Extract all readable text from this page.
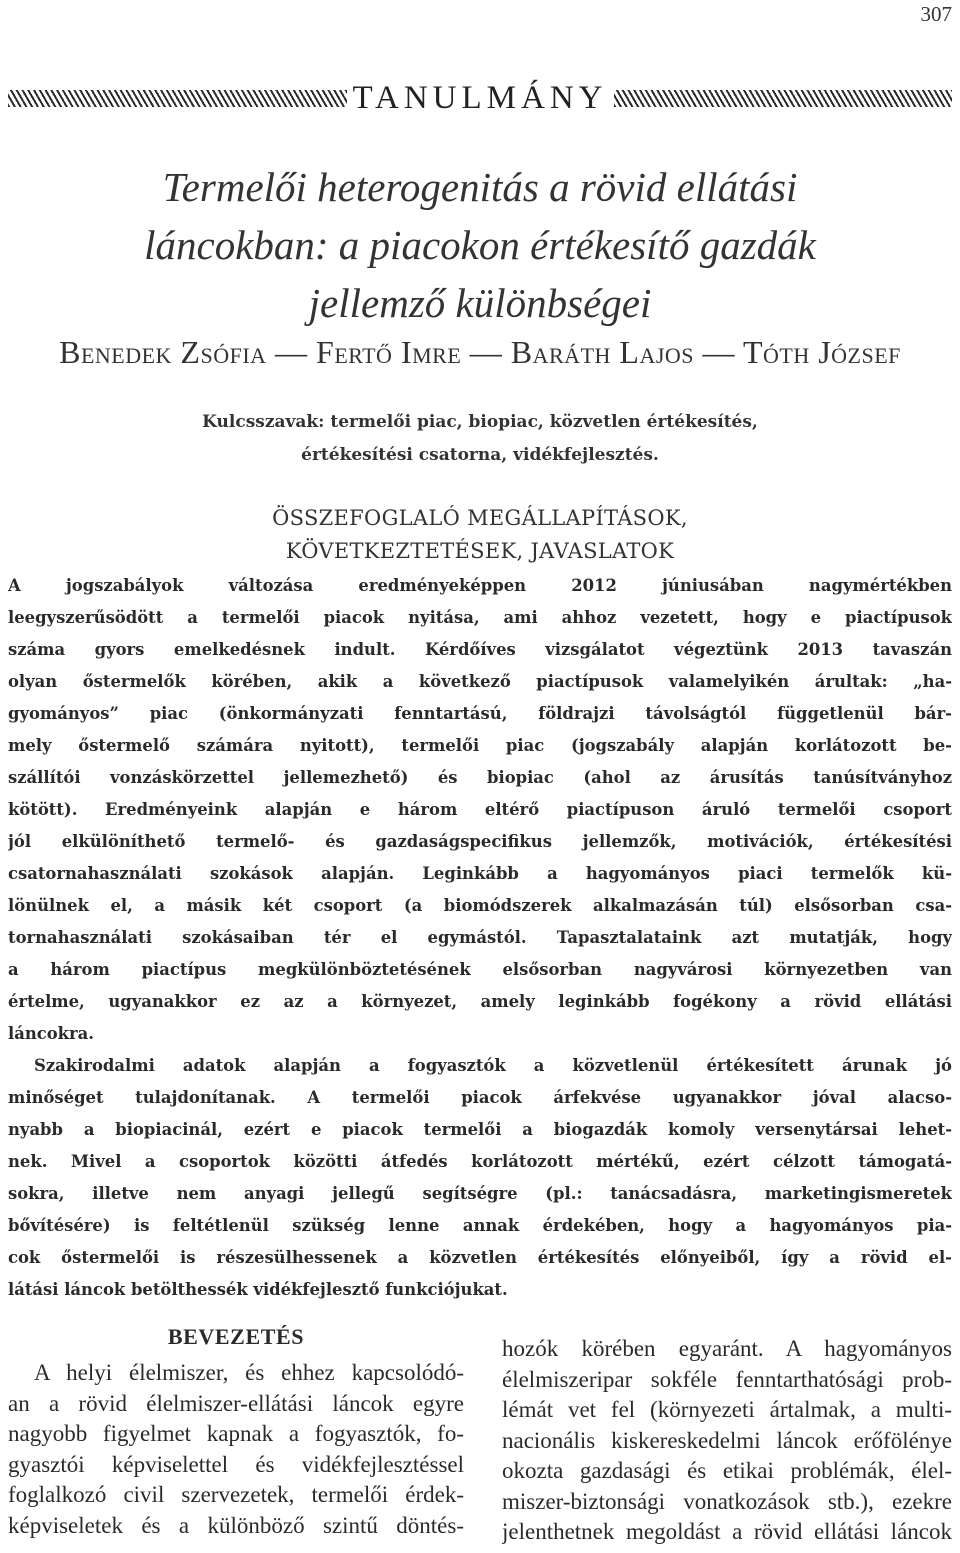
307
TANULMÁNY
Termelői heterogenitás a rövid ellátási
láncokban: a piacokon értékesítő gazdák
jellemző különbségei
Benedek Zsófia — Fertő Imre — Baráth Lajos — Tóth József
Kulcsszavak: termelői piac, biopiac, közvetlen értékesítés,
értékesítési csatorna, vidékfejlesztés.
ÖSSZEFOGLALÓ MEGÁLLAPÍTÁSOK,
KÖVETKEZTETÉSEK, JAVASLATOK
A jogszabályok változása eredményeképpen 2012 júniusában nagymértékben
leegyszerűsödött a termelői piacok nyitása, ami ahhoz vezetett, hogy e piactípusok
száma gyors emelkedésnek indult. Kérdőíves vizsgálatot végeztünk 2013 tavaszán
olyan őstermelők körében, akik a következő piactípusok valamelyikén árultak: „ha-
gyományos” piac (önkormányzati fenntartású, földrajzi távolságtól függetlenül bár-
mely őstermelő számára nyitott), termelői piac (jogszabály alapján korlátozott be-
szállítói vonzáskörzettel jellemezhető) és biopiac (ahol az árusítás tanúsítványhoz
kötött). Eredményeink alapján e három eltérő piactípuson áruló termelői csoport
jól elkülöníthető termelő- és gazdaságspecifikus jellemzők, motivációk, értékesítési
csatornahasználati szokások alapján. Leginkább a hagyományos piaci termelők kü-
lönülnek el, a másik két csoport (a biomódszerek alkalmazásán túl) elsősorban csa-
tornahasználati szokásaiban tér el egymástól. Tapasztalataink azt mutatják, hogy
a három piactípus megkülönböztetésének elsősorban nagyvárosi környezetben van
értelme, ugyanakkor ez az a környezet, amely leginkább fogékony a rövid ellátási
láncokra.
Szakirodalmi adatok alapján a fogyasztók a közvetlenül értékesített árunak jó
minőséget tulajdonítanak. A termelői piacok árfekvése ugyanakkor jóval alacso-
nyabb a biopiacinál, ezért e piacok termelői a biogazdák komoly versenytársai lehet-
nek. Mivel a csoportok közötti átfedés korlátozott mértékű, ezért célzott támogatá-
sokra, illetve nem anyagi jellegű segítségre (pl.: tanácsadásra, marketingismeretek
bővítésére) is feltétlenül szükség lenne annak érdekében, hogy a hagyományos pia-
cok őstermelői is részesülhessenek a közvetlen értékesítés előnyeiből, így a rövid el-
látási láncok betölthessék vidékfejlesztő funkciójukat.
BEVEZETÉS
A helyi élelmiszer, és ehhez kapcsolódó-
an a rövid élelmiszer-ellátási láncok egyre
nagyobb figyelmet kapnak a fogyasztók, fo-
gyasztói képviselettel és vidékfejlesztéssel
foglalkozó civil szervezetek, termelői érdek-
képviseletek és a különböző szintű döntés-
hozók körében egyaránt. A hagyományos
élelmiszeripar sokféle fenntarthatósági prob-
lémát vet fel (környezeti ártalmak, a multi-
nacionális kiskereskedelmi láncok erőfölénye
okozta gazdasági és etikai problémák, élel-
miszer-biztonsági vonatkozások stb.), ezekre
jelenthetnek megoldást a rövid ellátási láncok
